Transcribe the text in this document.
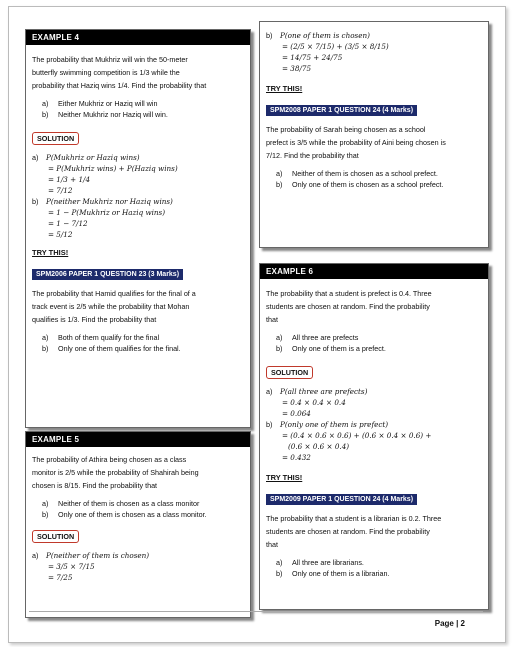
EXAMPLE 4
The probability that Mukhriz will win the 50-meter
butterfly swimming competition is 1/3 while the
probability that Haziq wins 1/4. Find the probability that
a) Either Mukhriz or Haziq will win
b) Neither Mukhriz nor Haziq will win.
SOLUTION
a) P(Mukhriz or Haziq wins)
= P(Mukhriz wins) + P(Haziq wins)
= 1/3 + 1/4
= 7/12
b) P(neither Mukhriz nor Haziq wins)
= 1 − P(Mukhriz or Haziq wins)
= 1 − 7/12
= 5/12
TRY THIS!
SPM2006 PAPER 1 QUESTION 23 (3 Marks)
The probability that Hamid qualifies for the final of a
track event is 2/5 while the probability that Mohan
qualifies is 1/3. Find the probability that
a) Both of them qualify for the final
b) Only one of them qualifies for the final.
EXAMPLE 5
The probability of Athira being chosen as a class
monitor is 2/5 while the probability of Shahirah being
chosen is 8/15. Find the probability that
a) Neither of them is chosen as a class monitor
b) Only one of them is chosen as a class monitor.
SOLUTION
a) P(neither of them is chosen)
= 3/5 × 7/15
= 7/25
b) P(one of them is chosen)
= (2/5 × 7/15) + (3/5 × 8/15)
= 14/75 + 24/75
= 38/75
TRY THIS!
SPM2008 PAPER 1 QUESTION 24 (4 Marks)
The probability of Sarah being chosen as a school
prefect is 3/5 while the probability of Aini being chosen is
7/12. Find the probability that
a) Neither of them is chosen as a school prefect.
b) Only one of them is chosen as a school prefect.
EXAMPLE 6
The probability that a student is prefect is 0.4. Three
students are chosen at random. Find the probability
that
a) All three are prefects
b) Only one of them is a prefect.
SOLUTION
a) P(all three are prefects)
= 0.4 × 0.4 × 0.4
= 0.064
b) P(only one of them is prefect)
= (0.4 × 0.6 × 0.6) + (0.6 × 0.4 × 0.6) +
(0.6 × 0.6 × 0.4)
= 0.432
TRY THIS!
SPM2009 PAPER 1 QUESTION 24 (4 Marks)
The probability that a student is a librarian is 0.2. Three
students are chosen at random. Find the probability
that
a) All three are librarians.
b) Only one of them is a librarian.
Page | 2
